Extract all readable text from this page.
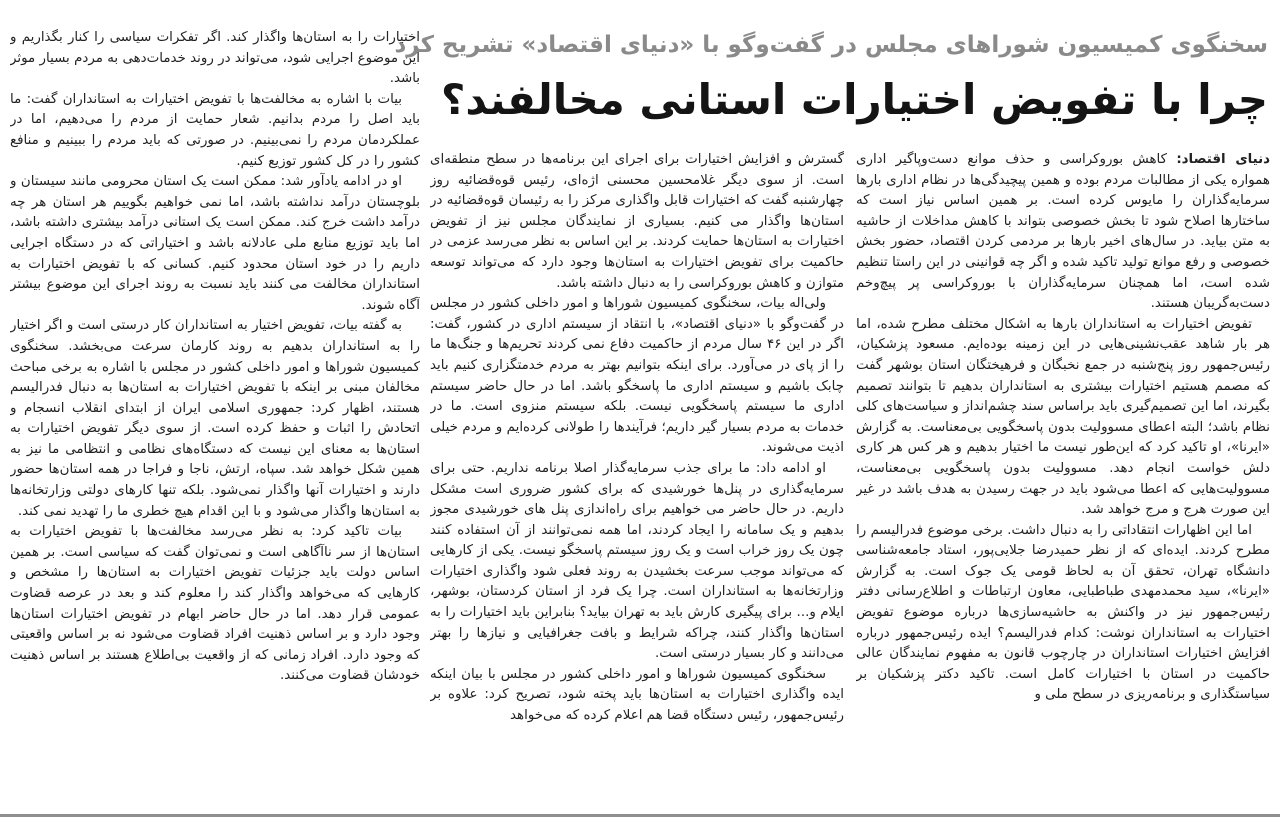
سخنگوی کمیسیون شوراهای مجلس در گفت‌وگو با «دنیای اقتصاد» تشریح کرد
چرا با تفویض اختیارات استانی مخالفند؟

دنیای اقتصاد: کاهش بوروکراسی و حذف موانع دست‌وپاگیر اداری همواره یکی از مطالبات مردم بوده و همین پیچیدگی‌ها در نظام اداری بارها سرمایه‌گذاران را مایوس کرده است. بر همین اساس نیاز است که ساختارها اصلاح شود تا بخش خصوصی بتواند با کاهش مداخلات از حاشیه به متن بیاید. در سال‌های اخیر بارها بر مردمی کردن اقتصاد، حضور بخش خصوصی و رفع موانع تولید تاکید شده و اگر چه قوانینی در این راستا تنظیم شده است، اما همچنان سرمایه‌گذاران با بوروکراسی پر پیچ‌وخم دست‌به‌گریبان هستند.

تفویض اختیارات به استانداران بارها به اشکال مختلف مطرح شده، اما هر بار شاهد عقب‌نشینی‌هایی در این زمینه بوده‌ایم. مسعود پزشکیان، رئیس‌جمهور روز پنج‌شنبه در جمع نخبگان و فرهیختگان استان بوشهر گفت که مصمم هستیم اختیارات بیشتری به استانداران بدهیم تا بتوانند تصمیم بگیرند، اما این تصمیم‌گیری باید براساس سند چشم‌انداز و سیاست‌های کلی نظام باشد؛ البته اعطای مسوولیت بدون پاسخگویی بی‌معناست. به گزارش «ایرنا»، او تاکید کرد که این‌طور نیست ما اختیار بدهیم و هر کس هر کاری دلش خواست انجام دهد. مسوولیت بدون پاسخگویی بی‌معناست، مسوولیت‌هایی که اعطا می‌شود باید در جهت رسیدن به هدف باشد در غیر این صورت هرج و مرج خواهد شد.

اما این اظهارات انتقاداتی را به دنبال داشت. برخی موضوع فدرالیسم را مطرح کردند. ایده‌ای که از نظر حمیدرضا جلایی‌پور، استاد جامعه‌شناسی دانشگاه تهران، تحقق آن به لحاظ قومی یک جوک است. به گزارش «ایرنا»، سید محمدمهدی طباطبایی، معاون ارتباطات و اطلاع‌رسانی دفتر رئیس‌جمهور نیز در واکنش به حاشیه‌سازی‌ها درباره موضوع تفویض اختیارات به استانداران نوشت: کدام فدرالیسم؟ ایده رئیس‌جمهور درباره افزایش اختیارات استانداران در چارچوب قانون به مفهوم نمایندگان عالی حاکمیت در استان با اختیارات کامل است. تاکید دکتر پزشکیان بر سیاستگذاری و برنامه‌ریزی در سطح ملی و

گسترش و افزایش اختیارات برای اجرای این برنامه‌ها در سطح منطقه‌ای است. از سوی دیگر غلامحسین محسنی اژه‌ای، رئیس قوه‌قضائیه روز چهارشنبه گفت که اختیارات قابل واگذاری مرکز را به رئیسان قوه‌قضائیه در استان‌ها واگذار می کنیم. بسیاری از نمایندگان مجلس نیز از تفویض اختیارات به استان‌ها حمایت کردند. بر این اساس به نظر می‌رسد عزمی در حاکمیت برای تفویض اختیارات به استان‌ها وجود دارد که می‌تواند توسعه متوازن و کاهش بوروکراسی را به دنبال داشته باشد.

ولی‌اله بیات، سخنگوی کمیسیون شوراها و امور داخلی کشور در مجلس در گفت‌وگو با «دنیای اقتصاد»، با انتقاد از سیستم اداری در کشور، گفت: اگر در این ۴۶ سال مردم از حاکمیت دفاع نمی کردند تحریم‌ها و جنگ‌ها ما را از پای در می‌آورد. برای اینکه بتوانیم بهتر به مردم خدمتگزاری کنیم باید چابک باشیم و سیستم اداری ما پاسخگو باشد. اما در حال حاضر سیستم اداری ما سیستم پاسخگویی نیست. بلکه سیستم منزوی است. ما در خدمات به مردم بسیار گیر داریم؛ فرآیندها را طولانی کرده‌ایم و مردم خیلی اذیت می‌شوند.

او ادامه داد: ما برای جذب سرمایه‌گذار اصلا برنامه نداریم. حتی برای سرمایه‌گذاری در پنل‌ها خورشیدی که برای کشور ضروری است مشکل داریم. در حال حاضر می خواهیم برای راه‌اندازی پنل های خورشیدی مجوز بدهیم و یک سامانه را ایجاد کردند، اما همه نمی‌توانند از آن استفاده کنند چون یک روز خراب است و یک روز سیستم پاسخگو نیست. یکی از کارهایی که می‌تواند موجب سرعت بخشیدن به روند فعلی شود واگذاری اختیارات وزارتخانه‌ها به استانداران است. چرا یک فرد از استان کردستان، بوشهر، ایلام و... برای پیگیری کارش باید به تهران بیاید؟ بنابراین باید اختیارات را به استان‌ها واگذار کنند، چراکه شرایط و بافت جغرافیایی و نیازها را بهتر می‌دانند و کار بسیار درستی است.

سخنگوی کمیسیون شوراها و امور داخلی کشور در مجلس با بیان اینکه ایده واگذاری اختیارات به استان‌ها باید پخته شود، تصریح کرد: علاوه بر رئیس‌جمهور، رئیس دستگاه قضا هم اعلام کرده که می‌خواهد

اختیارات را به استان‌ها واگذار کند. اگر تفکرات سیاسی را کنار بگذاریم و این موضوع اجرایی شود، می‌تواند در روند خدمات‌دهی به مردم بسیار موثر باشد.

بیات با اشاره به مخالفت‌ها با تفویض اختیارات به استانداران گفت: ما باید اصل را مردم بدانیم. شعار حمایت از مردم را می‌دهیم، اما در عملکردمان مردم را نمی‌بینیم. در صورتی که باید مردم را ببینیم و منافع کشور را در کل کشور توزیع کنیم.

او در ادامه یادآور شد: ممکن است یک استان محرومی مانند سیستان و بلوچستان درآمد نداشته باشد، اما نمی خواهیم بگوییم هر استان هر چه درآمد داشت خرج کند. ممکن است یک استانی درآمد بیشتری داشته باشد، اما باید توزیع منابع ملی عادلانه باشد و اختیاراتی که در دستگاه اجرایی داریم را در خود استان محدود کنیم. کسانی که با تفویض اختیارات به استانداران مخالفت می کنند باید نسبت به روند اجرای این موضوع بیشتر آگاه شوند.

به گفته بیات، تفویض اختیار به استانداران کار درستی است و اگر اختیار را به استانداران بدهیم به روند کارمان سرعت می‌بخشد. سخنگوی کمیسیون شوراها و امور داخلی کشور در مجلس با اشاره به برخی مباحث مخالفان مبنی بر اینکه با تفویض اختیارات به استان‌ها به دنبال فدرالیسم هستند، اظهار کرد: جمهوری اسلامی ایران از ابتدای انقلاب انسجام و اتحادش را اثبات و حفظ کرده است. از سوی دیگر تفویض اختیارات به استان‌ها به معنای این نیست که دستگاه‌های نظامی و انتظامی ما نیز به همین شکل خواهد شد. سپاه، ارتش، ناجا و فراجا در همه استان‌ها حضور دارند و اختیارات آنها واگذار نمی‌شود. بلکه تنها کارهای دولتی وزارتخانه‌ها به استان‌ها واگذار می‌شود و با این اقدام هیچ خطری ما را تهدید نمی کند.

بیات تاکید کرد: به نظر می‌رسد مخالفت‌ها با تفویض اختیارات به استان‌ها از سر ناآگاهی است و نمی‌توان گفت که سیاسی است. بر همین اساس دولت باید جزئیات تفویض اختیارات به استان‌ها را مشخص و کارهایی که می‌خواهد واگذار کند را معلوم کند و بعد در عرصه قضاوت عمومی قرار دهد. اما در حال حاضر ابهام در تفویض اختیارات استان‌ها وجود دارد و بر اساس ذهنیت افراد قضاوت می‌شود نه بر اساس واقعیتی که وجود دارد. افراد زمانی که از واقعیت بی‌اطلاع هستند بر اساس ذهنیت خودشان قضاوت می‌کنند.
